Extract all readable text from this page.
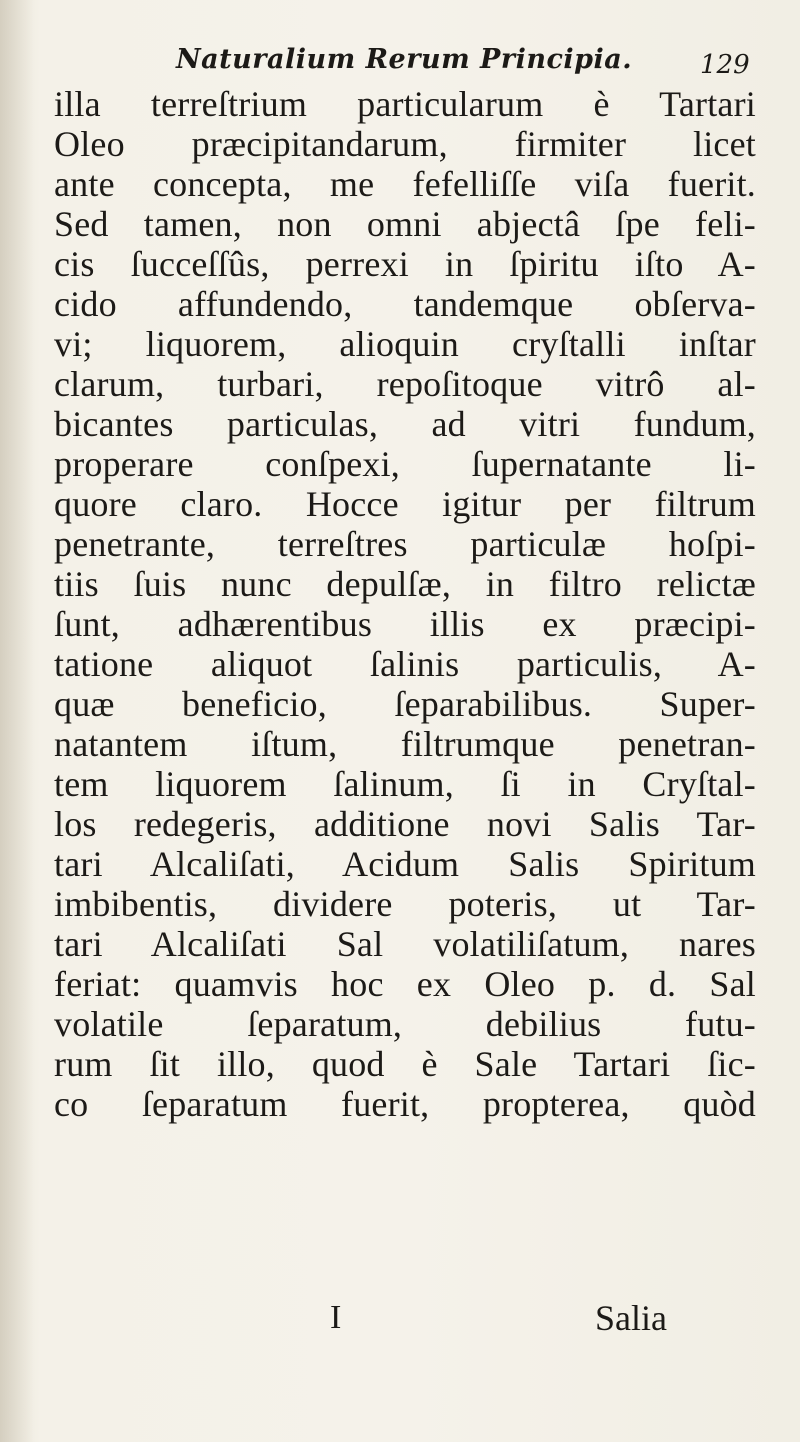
Naturalium Rerum Principia.	129
illa terreſtrium particularum è Tartari
Oleo præcipitandarum, firmiter licet
ante concepta, me fefelliſſe viſa fuerit.
Sed tamen, non omni abjectâ ſpe feli-
cis ſucceſſûs, perrexi in ſpiritu iſto A-
cido affundendo, tandemque obſerva-
vi; liquorem, alioquin cryſtalli inſtar
clarum, turbari, repoſitoque vitrô al-
bicantes particulas, ad vitri fundum,
properare conſpexi, ſupernatante li-
quore claro. Hocce igitur per filtrum
penetrante, terreſtres particulæ hoſpi-
tiis ſuis nunc depulſæ, in filtro relictæ
ſunt, adhærentibus illis ex præcipi-
tatione aliquot ſalinis particulis, A-
quæ beneficio, ſeparabilibus. Super-
natantem iſtum, filtrumque penetran-
tem liquorem ſalinum, ſi in Cryſtal-
los redegeris, additione novi Salis Tar-
tari Alcaliſati, Acidum Salis Spiritum
imbibentis, dividere poteris, ut Tar-
tari Alcaliſati Sal volatiliſatum, nares
feriat: quamvis hoc ex Oleo p. d. Sal
volatile ſeparatum, debilius futu-
rum ſit illo, quod è Sale Tartari ſic-
co ſeparatum fuerit, propterea, quòd
I	Salia
